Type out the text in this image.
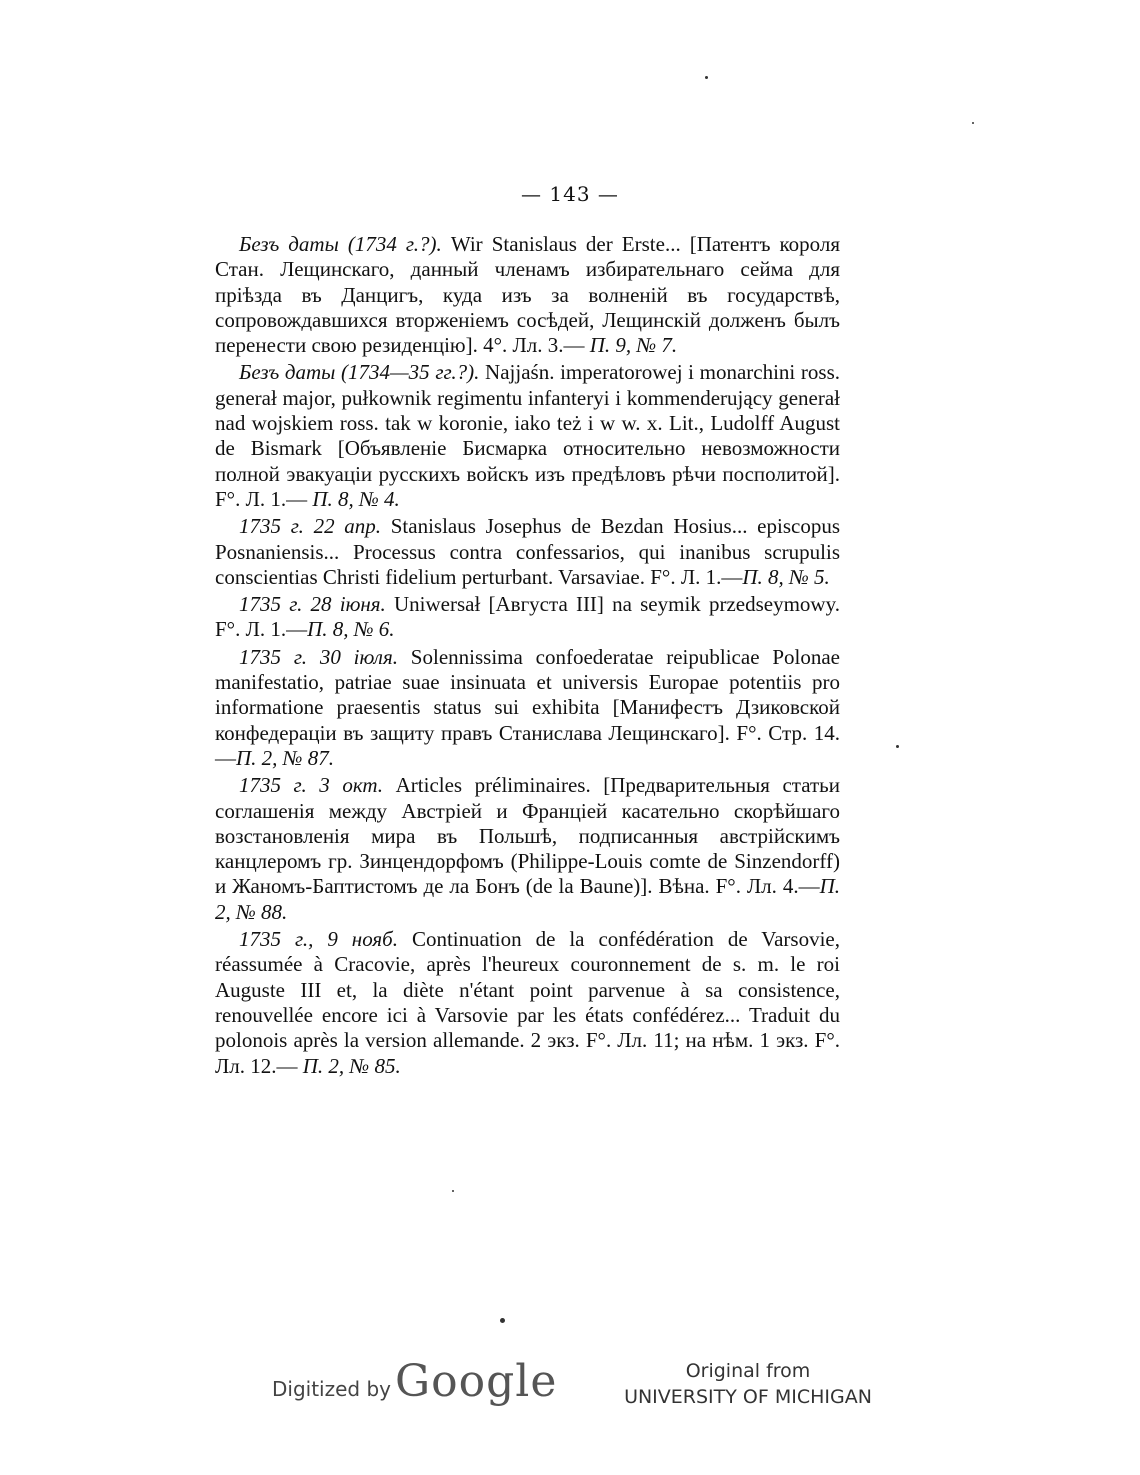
— 143 —

Безъ даты (1734 г.?). Wir Stanislaus der Erste... [Патентъ короля Стан. Лещинскаго, данный членамъ избирательнаго сейма для прiѣзда въ Данцигъ, куда изъ за волненiй въ государствѣ, сопровождавшихся вторженiемъ сосѣдей, Лещинскiй долженъ былъ перенести свою резиденцiю]. 4°. Лл. 3.— П. 9, № 7.

Безъ даты (1734—35 гг.?). Najjaśn. imperatorowej i monarchini ross. generał major, pułkownik regimentu infanteryi i kommenderujący generał nad wojskiem ross. tak w koronie, iako też i w w. x. Lit., Ludolff August de Bismark [Объявленiе Бисмарка относительно невозможности полной эвакуацiи русскихъ войскъ изъ предѣловъ рѣчи посполитой]. F°. Л. 1.— П. 8, № 4.

1735 г. 22 апр. Stanislaus Josephus de Bezdan Hosius... episcopus Posnaniensis... Processus contra confessarios, qui inanibus scrupulis conscientias Christi fidelium perturbant. Varsaviae. F°. Л. 1.—П. 8, № 5.

1735 г. 28 iюня. Uniwersał [Августа III] na seymik przedseymowy. F°. Л. 1.—П. 8, № 6.

1735 г. 30 iюля. Solennissima confoederatae reipublicae Polonae manifestatio, patriae suae insinuata et universis Europae potentiis pro informatione praesentis status sui exhibita [Манифестъ Дзиковской конфедерацiи въ защиту правъ Станислава Лещинскаго]. F°. Стр. 14.—П. 2, № 87.

1735 г. 3 окт. Articles préliminaires. [Предварительныя статьи соглашенiя между Австрiей и Францiей касательно скорѣйшаго возстановленiя мира въ Польшѣ, подписанныя австрiйскимъ канцлеромъ гр. Зинцендорфомъ (Philippe-Louis comte de Sinzendorff) и Жаномъ-Баптистомъ де ла Бонъ (de la Baune)]. Вѣна. F°. Лл. 4.—П. 2, № 88.

1735 г., 9 нояб. Continuation de la confédération de Varsovie, réassumée à Cracovie, après l'heureux couronnement de s. m. le roi Auguste III et, la diète n'étant point parvenue à sa consistence, renouvellée encore ici à Varsovie par les états confédérez... Traduit du polonois après la version allemande. 2 экз. F°. Лл. 11; на нѣм. 1 экз. F°. Лл. 12.— П. 2, № 85.

Digitized byGoogle	Original from
UNIVERSITY OF MICHIGAN
